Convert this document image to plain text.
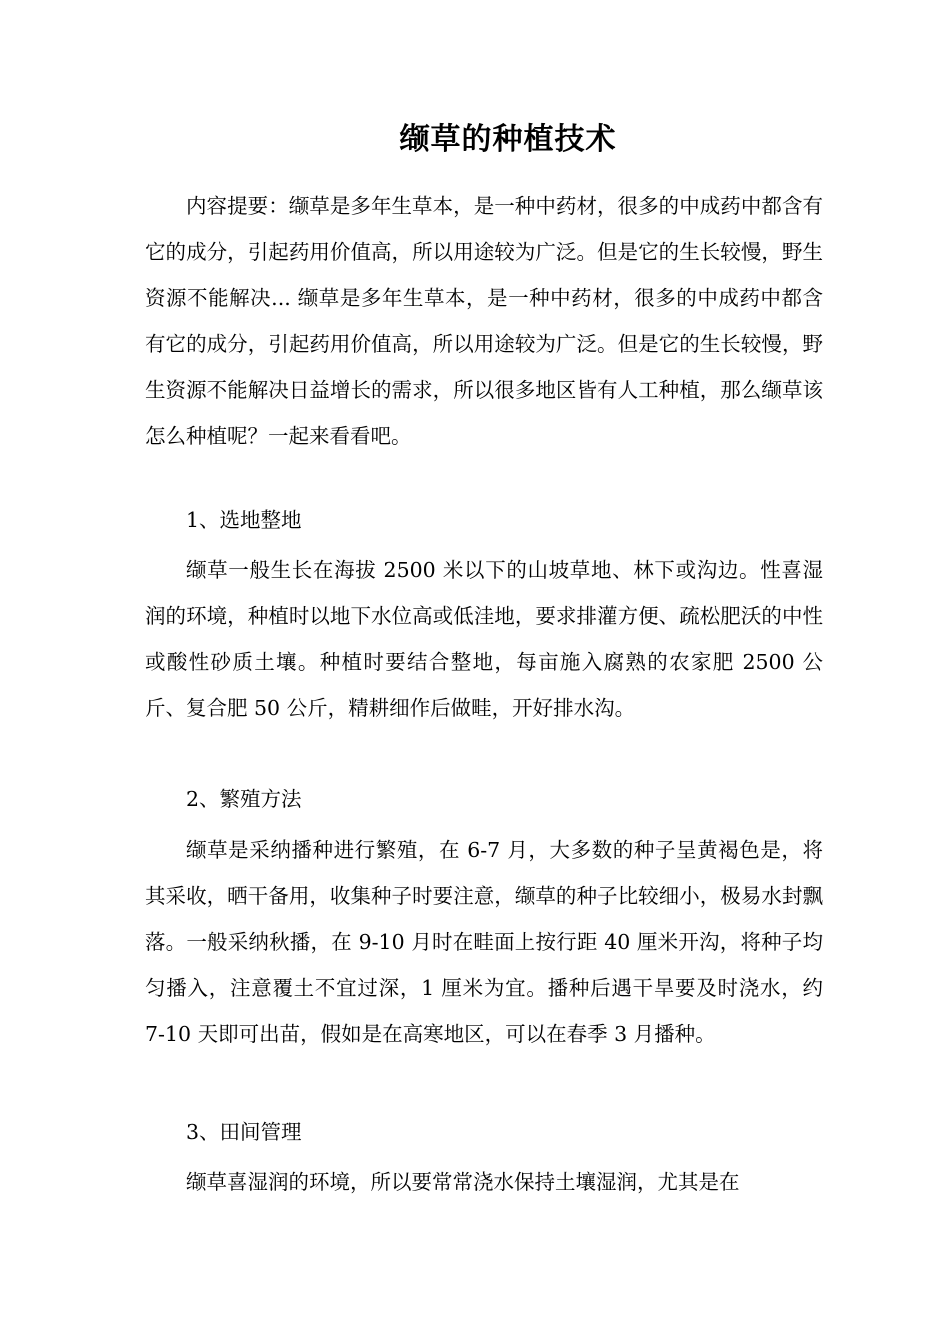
缬草的种植技术

内容提要：缬草是多年生草本，是一种中药材，很多的中成药中都含有它的成分，引起药用价值高，所以用途较为广泛。但是它的生长较慢，野生资源不能解决... 缬草是多年生草本，是一种中药材，很多的中成药中都含有它的成分，引起药用价值高，所以用途较为广泛。但是它的生长较慢，野生资源不能解决日益增长的需求，所以很多地区皆有人工种植，那么缬草该怎么种植呢？一起来看看吧。

1、选地整地

缬草一般生长在海拔 2500 米以下的山坡草地、林下或沟边。性喜湿润的环境，种植时以地下水位高或低洼地，要求排灌方便、疏松肥沃的中性或酸性砂质土壤。种植时要结合整地，每亩施入腐熟的农家肥 2500 公斤、复合肥 50 公斤，精耕细作后做畦，开好排水沟。

2、繁殖方法

缬草是采纳播种进行繁殖，在 6-7 月，大多数的种子呈黄褐色是，将其采收，晒干备用，收集种子时要注意，缬草的种子比较细小，极易水封飘落。一般采纳秋播，在 9-10 月时在畦面上按行距 40 厘米开沟，将种子均匀播入，注意覆土不宜过深，1 厘米为宜。播种后遇干旱要及时浇水，约 7-10 天即可出苗，假如是在高寒地区，可以在春季 3 月播种。

3、田间管理

缬草喜湿润的环境，所以要常常浇水保持土壤湿润，尤其是在
